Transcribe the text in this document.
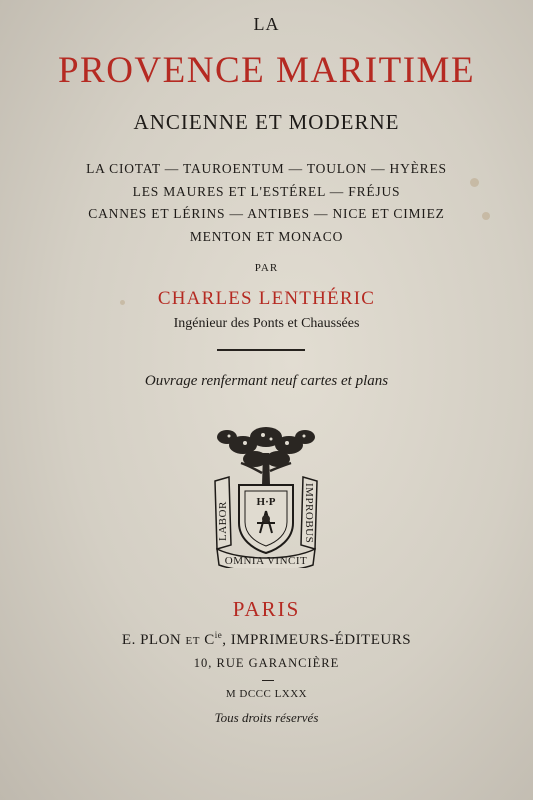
LA
PROVENCE MARITIME
ANCIENNE ET MODERNE
LA CIOTAT — TAUROENTUM — TOULON — HYÈRES
LES MAURES ET L'ESTÉREL — FRÉJUS
CANNES ET LÉRINS — ANTIBES — NICE ET CIMIEZ
MENTON ET MONACO
PAR
CHARLES LENTHÉRIC
Ingénieur des Ponts et Chaussées
Ouvrage renfermant neuf cartes et plans
H·P
LABOR	IMPROBUS
OMNIA VINCIT
PARIS
E. PLON ET $C^{ie}$, IMPRIMEURS-ÉDITEURS
10, RUE GARANCIÈRE
M DCCC LXXX
Tous droits réservés
